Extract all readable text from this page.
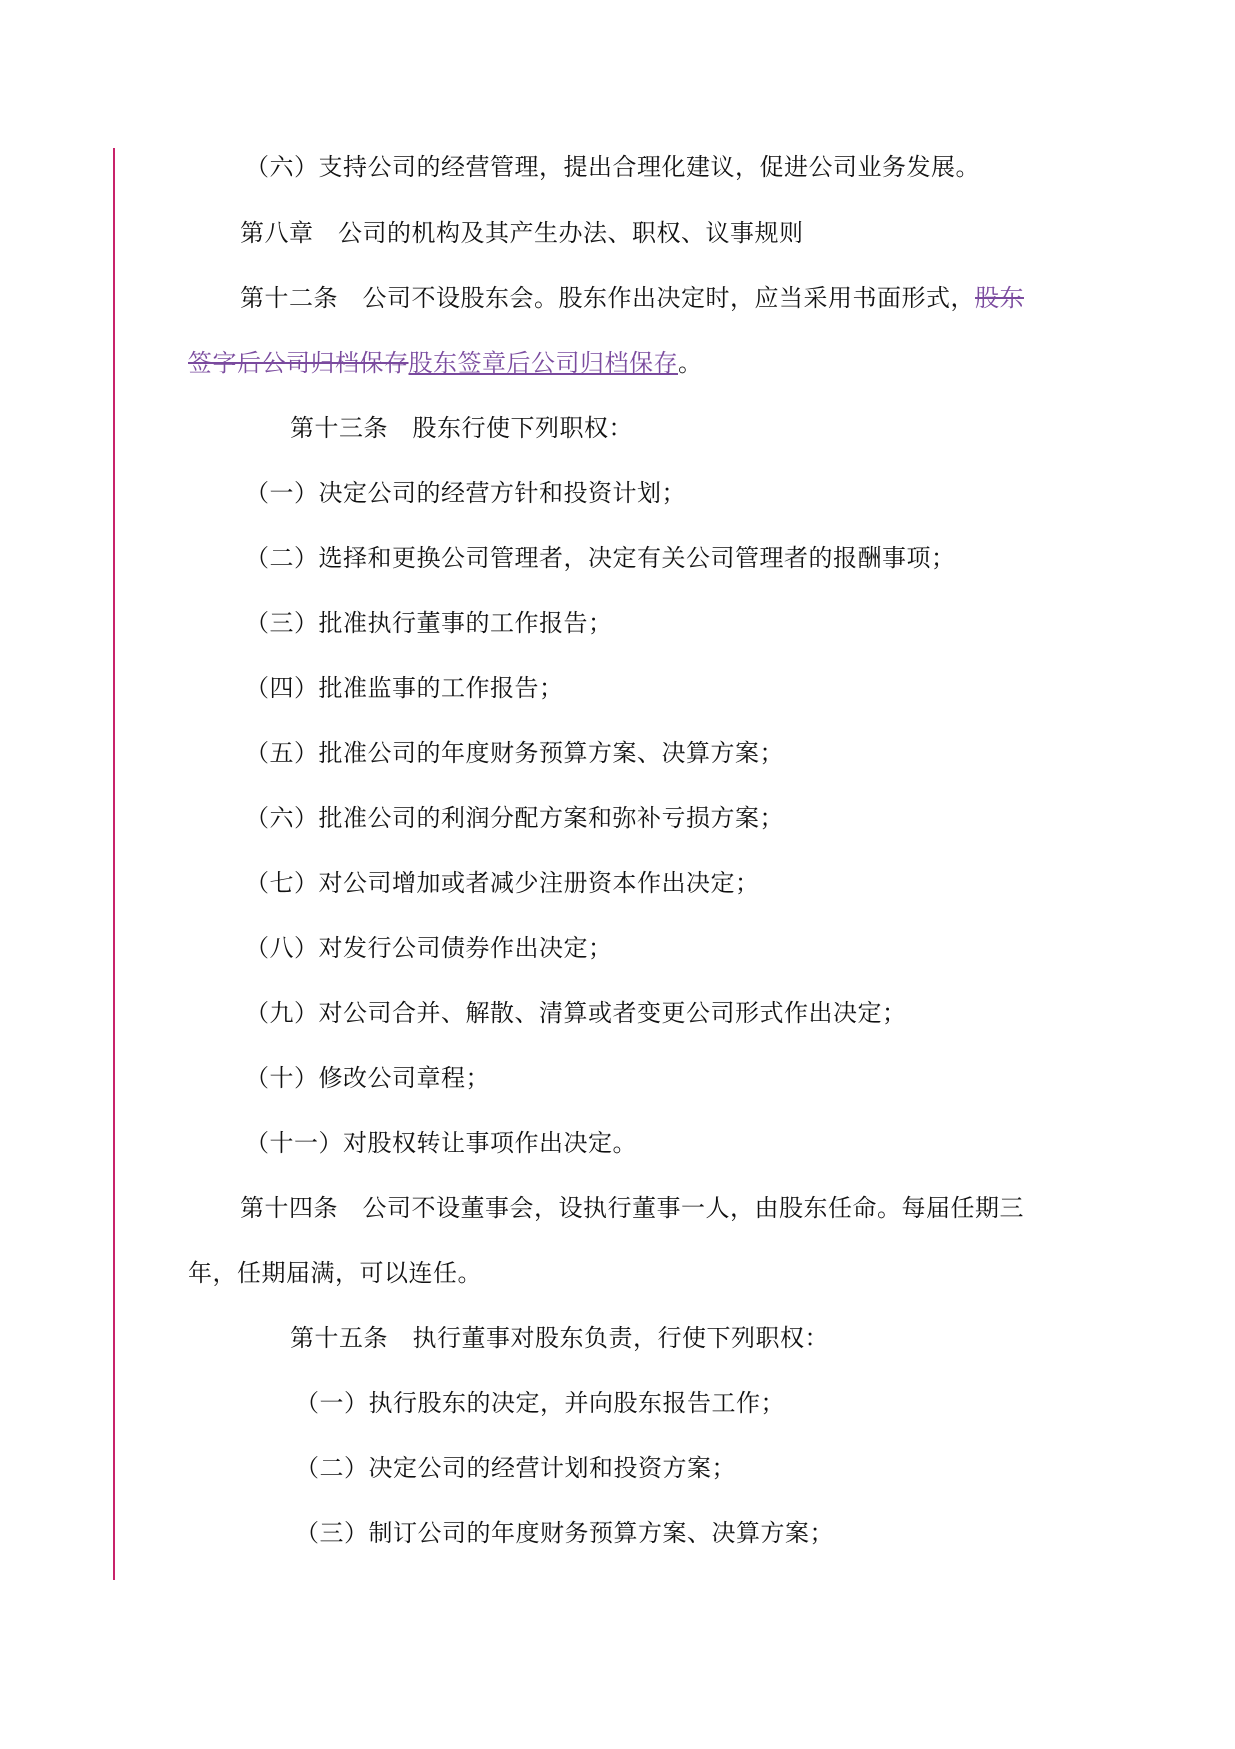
（六）支持公司的经营管理，提出合理化建议，促进公司业务发展。
第八章　公司的机构及其产生办法、职权、议事规则
第十二条　公司不设股东会。股东作出决定时，应当采用书面形式，股东
签字后公司归档保存股东签章后公司归档保存。
第十三条　股东行使下列职权：
（一）决定公司的经营方针和投资计划；
（二）选择和更换公司管理者，决定有关公司管理者的报酬事项；
（三）批准执行董事的工作报告；
（四）批准监事的工作报告；
（五）批准公司的年度财务预算方案、决算方案；
（六）批准公司的利润分配方案和弥补亏损方案；
（七）对公司增加或者减少注册资本作出决定；
（八）对发行公司债券作出决定；
（九）对公司合并、解散、清算或者变更公司形式作出决定；
（十）修改公司章程；
（十一）对股权转让事项作出决定。
第十四条　公司不设董事会，设执行董事一人，由股东任命。每届任期三
年，任期届满，可以连任。
第十五条　执行董事对股东负责，行使下列职权：
（一）执行股东的决定，并向股东报告工作；
（二）决定公司的经营计划和投资方案；
（三）制订公司的年度财务预算方案、决算方案；
